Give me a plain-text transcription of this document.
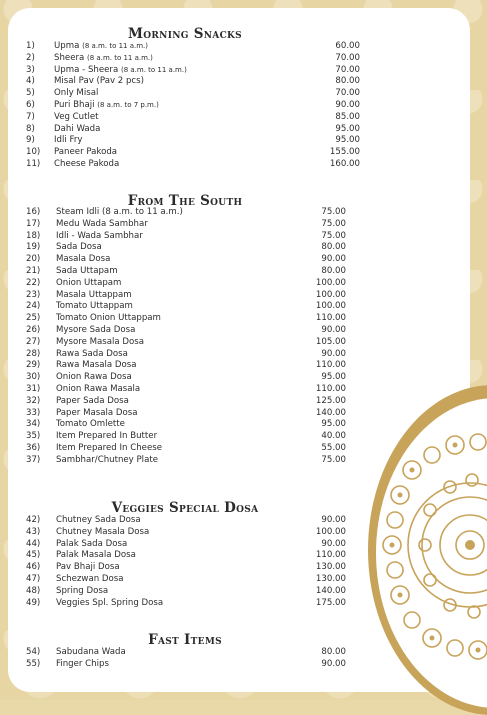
Morning Snacks
1) Upma (8 a.m. to 11 a.m.)	60.00
2) Sheera (8 a.m. to 11 a.m.)	70.00
3) Upma - Sheera (8 a.m. to 11 a.m.)	70.00
4) Misal Pav (Pav 2 pcs)	80.00
5) Only Misal	70.00
6) Puri Bhaji (8 a.m. to 7 p.m.)	90.00
7) Veg Cutlet	85.00
8) Dahi Wada	95.00
9) Idli Fry	95.00
10) Paneer Pakoda	155.00
11) Cheese Pakoda	160.00
From The South
16) Steam Idli (8 a.m. to 11 a.m.)	75.00
17) Medu Wada Sambhar	75.00
18) Idli - Wada Sambhar	75.00
19) Sada Dosa	80.00
20) Masala Dosa	90.00
21) Sada Uttapam	80.00
22) Onion Uttapam	100.00
23) Masala Uttappam	100.00
24) Tomato Uttappam	100.00
25) Tomato Onion Uttappam	110.00
26) Mysore Sada Dosa	90.00
27) Mysore Masala Dosa	105.00
28) Rawa Sada Dosa	90.00
29) Rawa Masala Dosa	110.00
30) Onion Rawa Dosa	95.00
31) Onion Rawa Masala	110.00
32) Paper Sada Dosa	125.00
33) Paper Masala Dosa	140.00
34) Tomato Omlette	95.00
35) Item Prepared In Butter	40.00
36) Item Prepared In Cheese	55.00
37) Sambhar/Chutney Plate	75.00
Veggies Special Dosa
42) Chutney Sada Dosa	90.00
43) Chutney Masala Dosa	100.00
44) Palak Sada Dosa	90.00
45) Palak Masala Dosa	110.00
46) Pav Bhaji Dosa	130.00
47) Schezwan Dosa	130.00
48) Spring Dosa	140.00
49) Veggies Spl. Spring Dosa	175.00
Fast Items
54) Sabudana Wada	80.00
55) Finger Chips	90.00
